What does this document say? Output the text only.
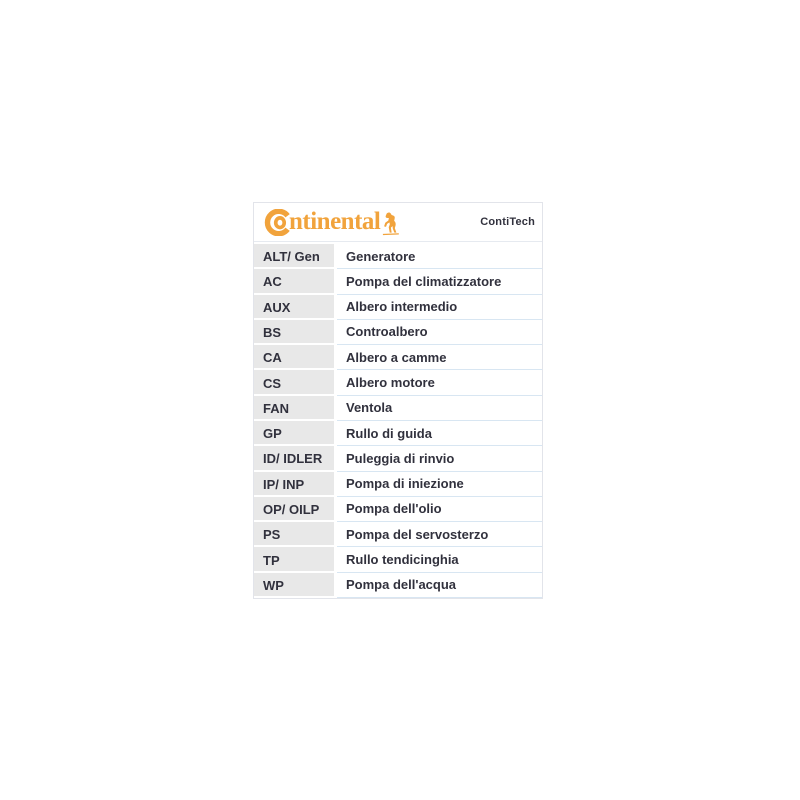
ntinental	ContiTech
ALT/ Gen	Generatore
AC	Pompa del climatizzatore
AUX	Albero intermedio
BS	Controalbero
CA	Albero a camme
CS	Albero motore
FAN	Ventola
GP	Rullo di guida
ID/ IDLER	Puleggia di rinvio
IP/ INP	Pompa di iniezione
OP/ OILP	Pompa dell'olio
PS	Pompa del servosterzo
TP	Rullo tendicinghia
WP	Pompa dell'acqua
